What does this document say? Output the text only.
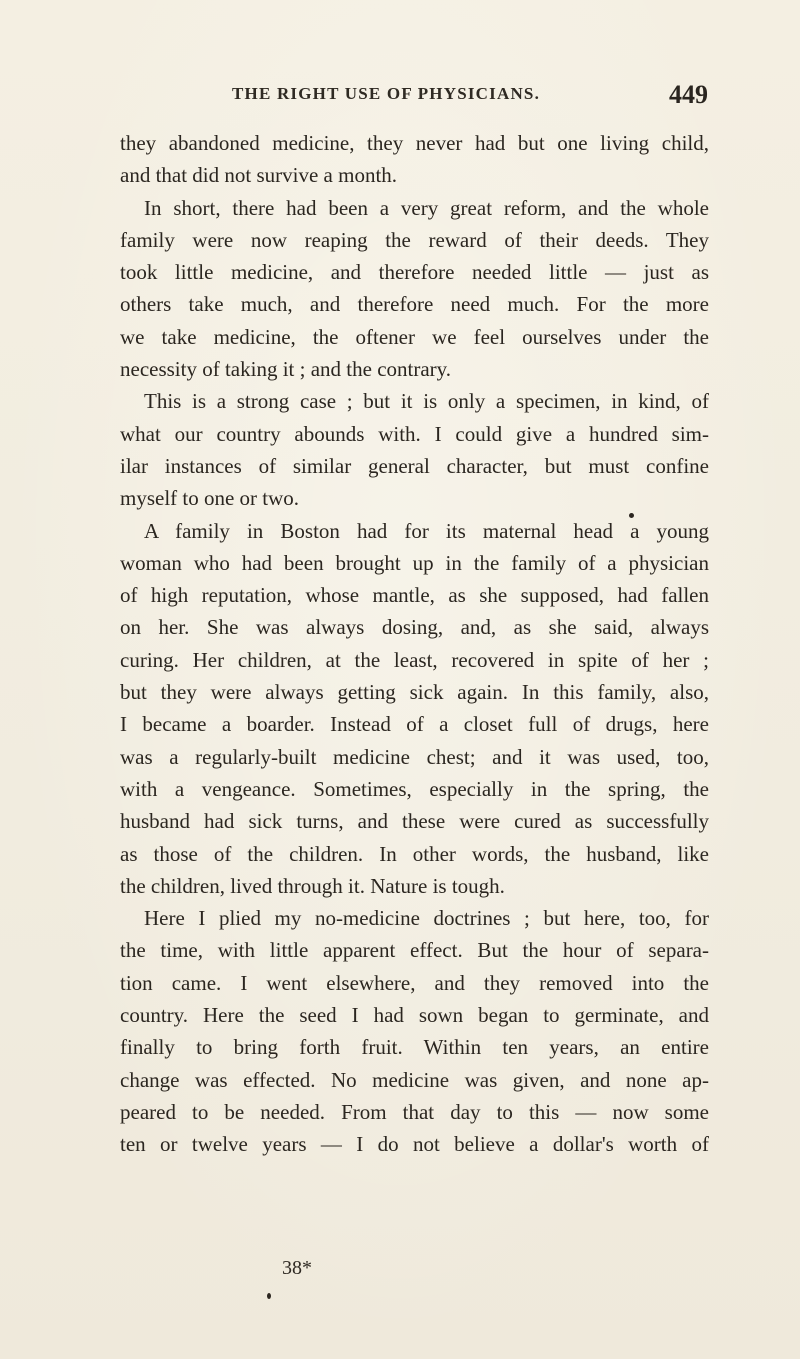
THE RIGHT USE OF PHYSICIANS.	449
they abandoned medicine, they never had but one living child,
and that did not survive a month.
In short, there had been a very great reform, and the whole
family were now reaping the reward of their deeds. They
took little medicine, and therefore needed little — just as
others take much, and therefore need much. For the more
we take medicine, the oftener we feel ourselves under the
necessity of taking it ; and the contrary.
This is a strong case ; but it is only a specimen, in kind, of
what our country abounds with. I could give a hundred sim-
ilar instances of similar general character, but must confine
myself to one or two.
A family in Boston had for its maternal head a young
woman who had been brought up in the family of a physician
of high reputation, whose mantle, as she supposed, had fallen
on her. She was always dosing, and, as she said, always
curing. Her children, at the least, recovered in spite of her ;
but they were always getting sick again. In this family, also,
I became a boarder. Instead of a closet full of drugs, here
was a regularly-built medicine chest; and it was used, too,
with a vengeance. Sometimes, especially in the spring, the
husband had sick turns, and these were cured as successfully
as those of the children. In other words, the husband, like
the children, lived through it. Nature is tough.
Here I plied my no-medicine doctrines ; but here, too, for
the time, with little apparent effect. But the hour of separa-
tion came. I went elsewhere, and they removed into the
country. Here the seed I had sown began to germinate, and
finally to bring forth fruit. Within ten years, an entire
change was effected. No medicine was given, and none ap-
peared to be needed. From that day to this — now some
ten or twelve years — I do not believe a dollar's worth of
38*
